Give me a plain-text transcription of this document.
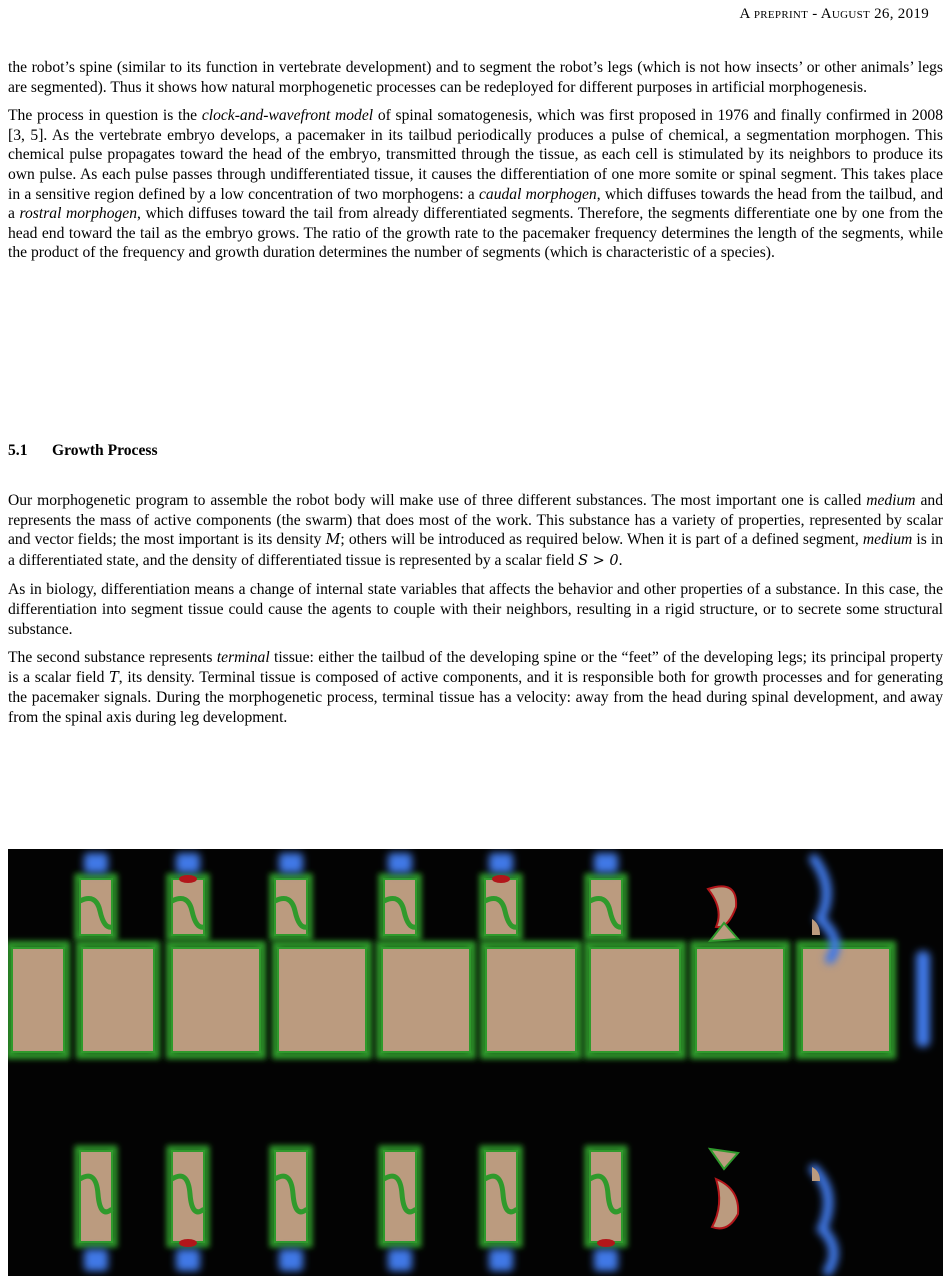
A preprint - August 26, 2019

the robot’s spine (similar to its function in vertebrate development) and to segment the robot’s legs (which is not how insects’ or other animals’ legs are segmented). Thus it shows how natural morphogenetic processes can be redeployed for different purposes in artificial morphogenesis.

The process in question is the clock-and-wavefront model of spinal somatogenesis, which was first proposed in 1976 and finally confirmed in 2008 [3, 5]. As the vertebrate embryo develops, a pacemaker in its tailbud periodically produces a pulse of chemical, a segmentation morphogen. This chemical pulse propagates toward the head of the embryo, transmitted through the tissue, as each cell is stimulated by its neighbors to produce its own pulse. As each pulse passes through undifferentiated tissue, it causes the differentiation of one more somite or spinal segment. This takes place in a sensitive region defined by a low concentration of two morphogens: a caudal morphogen, which diffuses towards the head from the tailbud, and a rostral morphogen, which diffuses toward the tail from already differentiated segments. Therefore, the segments differentiate one by one from the head end toward the tail as the embryo grows. The ratio of the growth rate to the pacemaker frequency determines the length of the segments, while the product of the frequency and growth duration determines the number of segments (which is characteristic of a species).

5.1 Growth Process

Our morphogenetic program to assemble the robot body will make use of three different substances. The most important one is called medium and represents the mass of active components (the swarm) that does most of the work. This substance has a variety of properties, represented by scalar and vector fields; the most important is its density M; others will be introduced as required below. When it is part of a defined segment, medium is in a differentiated state, and the density of differentiated tissue is represented by a scalar field S > 0.

As in biology, differentiation means a change of internal state variables that affects the behavior and other properties of a substance. In this case, the differentiation into segment tissue could cause the agents to couple with their neighbors, resulting in a rigid structure, or to secrete some structural substance.

The second substance represents terminal tissue: either the tailbud of the developing spine or the “feet” of the developing legs; its principal property is a scalar field T, its density. Terminal tissue is composed of active components, and it is responsible both for growth processes and for generating the pacemaker signals. During the morphogenetic process, terminal tissue has a velocity: away from the head during spinal development, and away from the spinal axis during leg development.
